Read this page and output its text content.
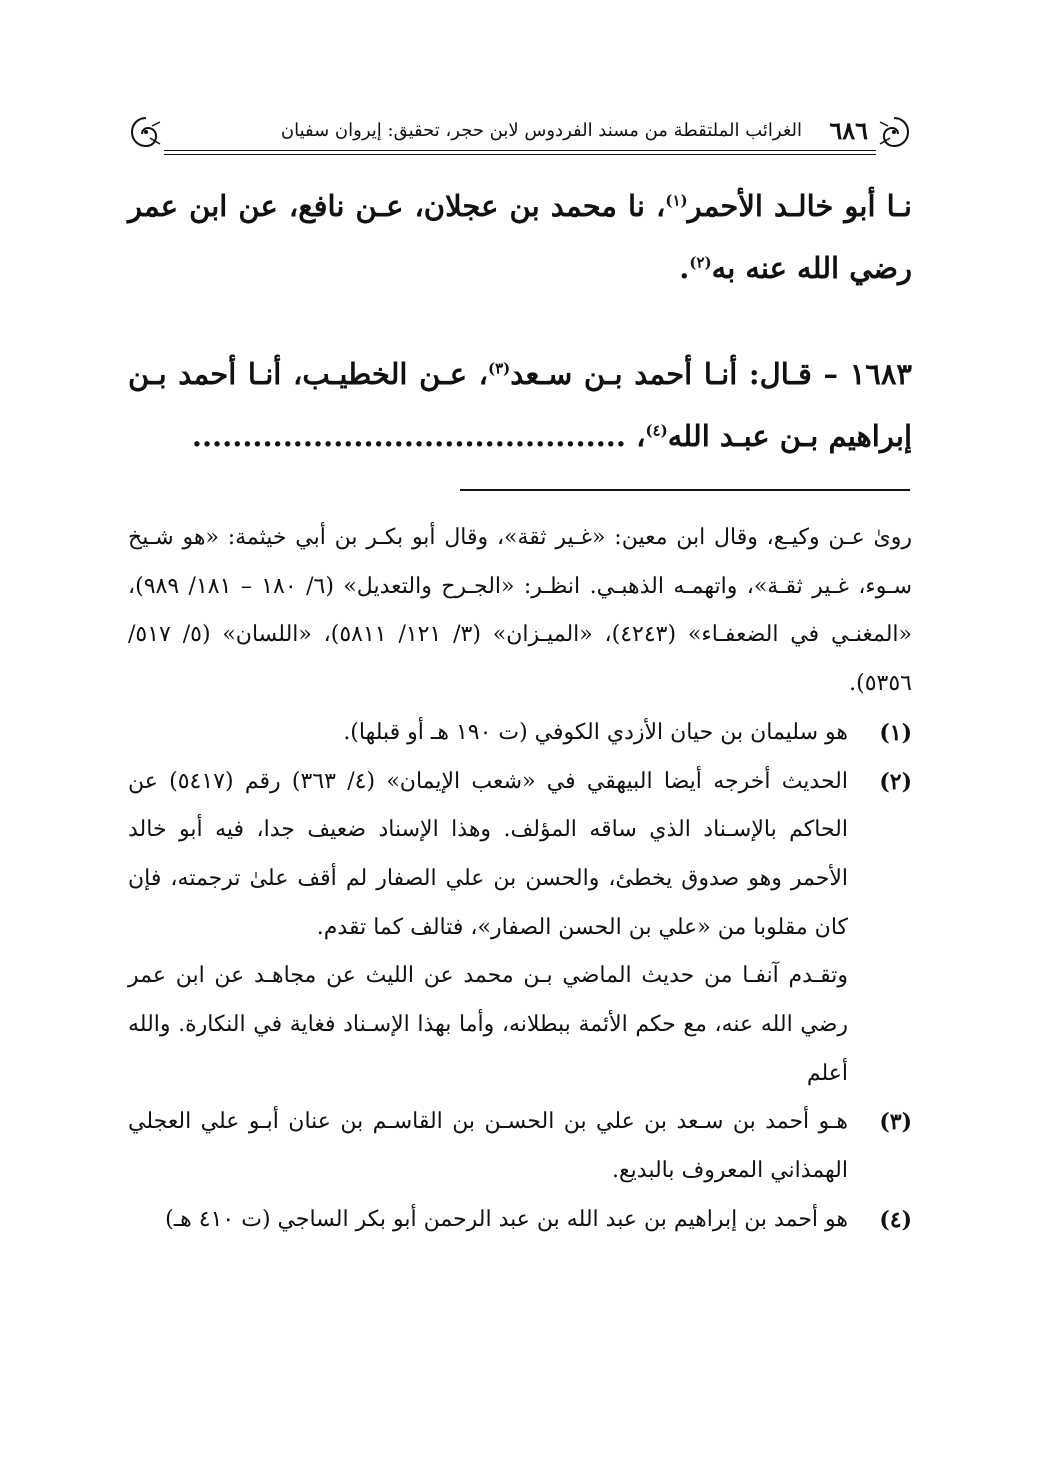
٦٨٦
الغرائب الملتقطة من مسند الفردوس لابن حجر، تحقيق: إيروان سفيان

نـا أبو خالـد الأحمر$^{(١)}$، نا محمد بن عجلان، عـن نافع، عن ابن عمر رضي الله عنه به$^{(٢)}$.

١٦٨٣ – قـال: أنـا أحمد بـن سـعد$^{(٣)}$، عـن الخطيـب، أنـا أحمد بـن إبراهيم بـن عبـد الله$^{(٤)}$، ...........................................

رو‌ىٰ عـن وكيـع، وقال ابن معين: «غـير ثقة»، وقال أبو بكـر بن أبي خيثمة: «هو شـيخ سـوء، غـير ثقـة»، واتهمـه الذهبـي. انظـر: «الجـرح والتعديل» (٦/ ١٨٠ – ١٨١/ ٩٨٩)، «المغنـي في الضعفـاء» (٤٢٤٣)، «الميـزان» (٣/ ١٢١/ ٥٨١١)، «اللسان» (٥/ ٥١٧/ ٥٣٥٦).

(١)
هو سليمان بن حيان الأزدي الكوفي (ت ١٩٠ هـ أو قبلها).
(٢)
الحديث أخرجه أيضا البيهقي في «شعب الإيمان» (٤/ ٣٦٣) رقم (٥٤١٧) عن الحاكم بالإسـناد الذي ساقه المؤلف. وهذا الإسناد ضعيف جدا، فيه أبو خالد الأحمر وهو صدوق يخطئ، والحسن بن علي الصفار لم أقف علىٰ ترجمته، فإن كان مقلوبا من «علي بن الحسن الصفار»، فتالف كما تقدم.
وتقـدم آنفـا من حديث الماضي بـن محمد عن الليث عن مجاهـد عن ابن عمر رضي الله عنه، مع حكم الأئمة ببطلانه، وأما بهذا الإسـناد فغاية في النكارة. والله أعلم
(٣)
هـو أحمد بن سـعد بن علي بن الحسـن بن القاسـم بن عنان أبـو علي العجلي الهمذاني المعروف بالبديع.
(٤)
هو أحمد بن إبراهيم بن عبد الله بن عبد الرحمن أبو بكر الساجي (ت ٤١٠ هـ)
